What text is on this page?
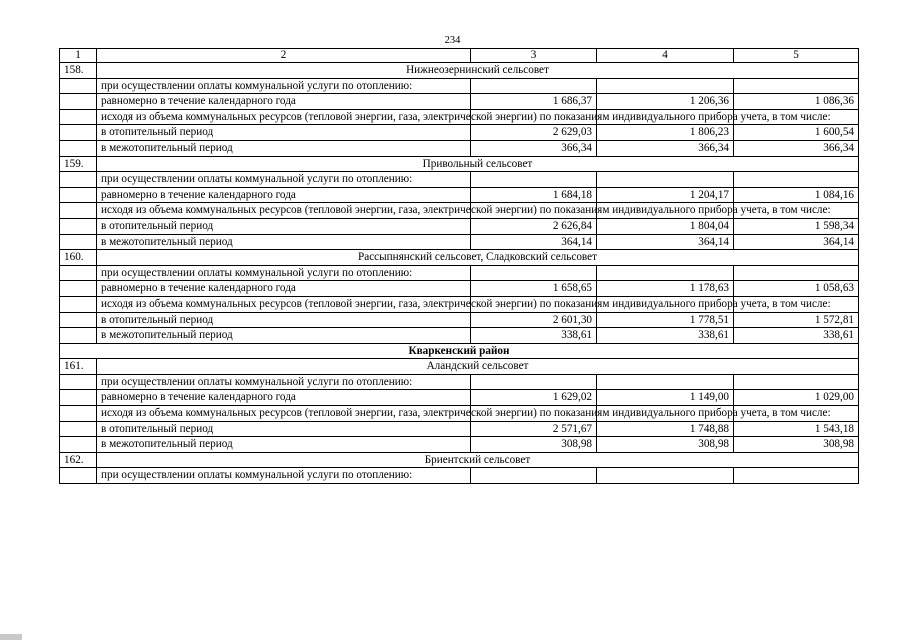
234
1	2	3	4	5
158.	Нижнеозернинский сельсовет			
	при осуществлении оплаты коммунальной услуги по отоплению:			
	равномерно в течение календарного года	1 686,37	1 206,36	1 086,36
	исходя из объема коммунальных ресурсов (тепловой энергии, газа, электрической энергии) по показаниям индивидуального прибора учета, в том числе:			
	в отопительный период	2 629,03	1 806,23	1 600,54
	в межотопительный период	366,34	366,34	366,34
159.	Привольный сельсовет			
	при осуществлении оплаты коммунальной услуги по отоплению:			
	равномерно в течение календарного года	1 684,18	1 204,17	1 084,16
	исходя из объема коммунальных ресурсов (тепловой энергии, газа, электрической энергии) по показаниям индивидуального прибора учета, в том числе:			
	в отопительный период	2 626,84	1 804,04	1 598,34
	в межотопительный период	364,14	364,14	364,14
160.	Рассыпнянский сельсовет, Сладковский сельсовет			
	при осуществлении оплаты коммунальной услуги по отоплению:			
	равномерно в течение календарного года	1 658,65	1 178,63	1 058,63
	исходя из объема коммунальных ресурсов (тепловой энергии, газа, электрической энергии) по показаниям индивидуального прибора учета, в том числе:			
	в отопительный период	2 601,30	1 778,51	1 572,81
	в межотопительный период	338,61	338,61	338,61
Кваркенский район				
161.	Аландский сельсовет			
	при осуществлении оплаты коммунальной услуги по отоплению:			
	равномерно в течение календарного года	1 629,02	1 149,00	1 029,00
	исходя из объема коммунальных ресурсов (тепловой энергии, газа, электрической энергии) по показаниям индивидуального прибора учета, в том числе:			
	в отопительный период	2 571,67	1 748,88	1 543,18
	в межотопительный период	308,98	308,98	308,98
162.	Бриентский сельсовет			
	при осуществлении оплаты коммунальной услуги по отоплению:			
